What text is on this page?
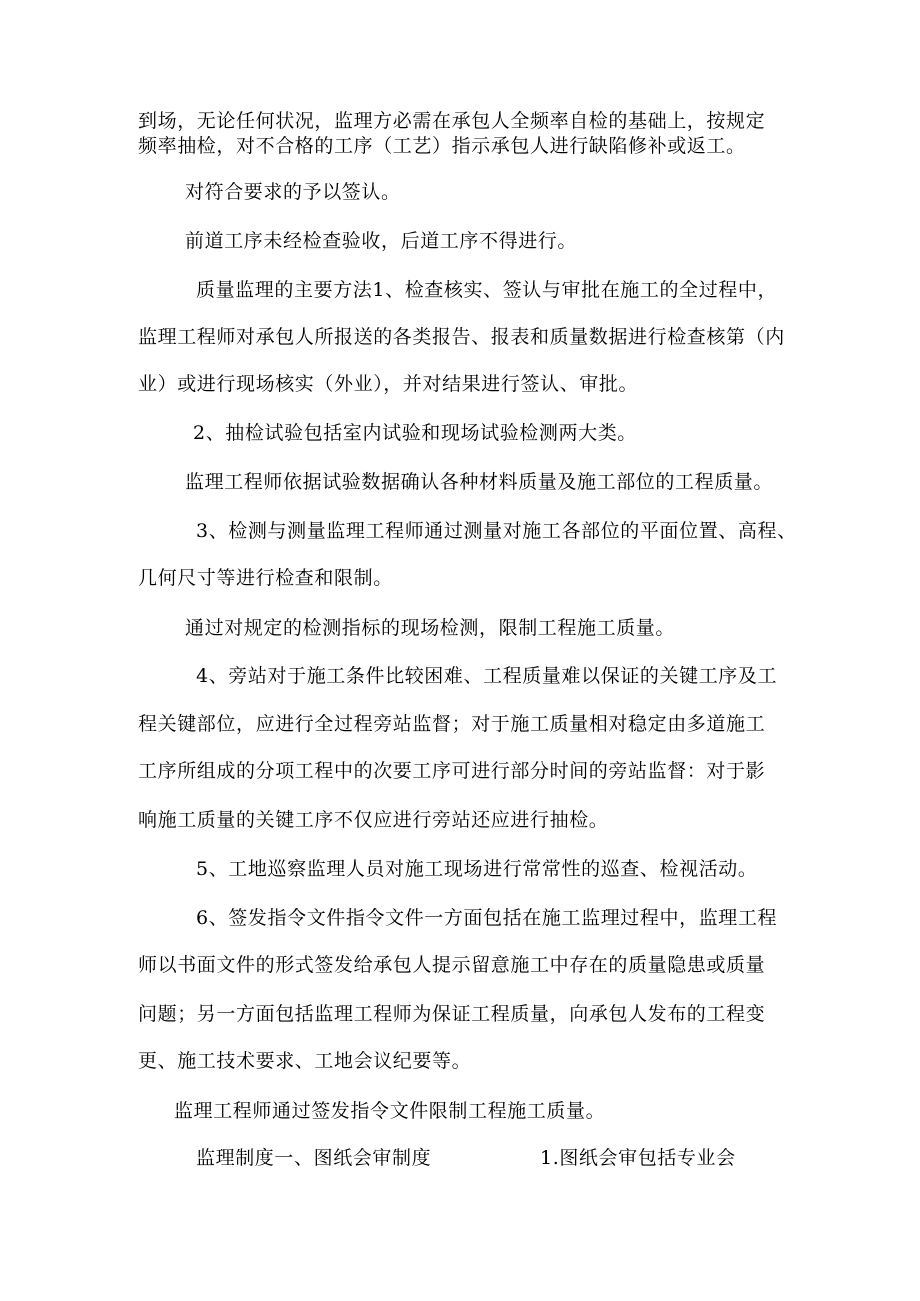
到场，无论任何状况，监理方必需在承包人全频率自检的基础上，按规定
频率抽检，对不合格的工序（工艺）指示承包人进行缺陷修补或返工。
对符合要求的予以签认。
前道工序未经检查验收，后道工序不得进行。
质量监理的主要方法1、检查核实、签认与审批在施工的全过程中，
监理工程师对承包人所报送的各类报告、报表和质量数据进行检查核第（内
业）或进行现场核实（外业），并对结果进行签认、审批。
2、抽检试验包括室内试验和现场试验检测两大类。
监理工程师依据试验数据确认各种材料质量及施工部位的工程质量。
3、检测与测量监理工程师通过测量对施工各部位的平面位置、高程、
几何尺寸等进行检查和限制。
通过对规定的检测指标的现场检测，限制工程施工质量。
4、旁站对于施工条件比较困难、工程质量难以保证的关键工序及工
程关键部位，应进行全过程旁站监督；对于施工质量相对稳定由多道施工
工序所组成的分项工程中的次要工序可进行部分时间的旁站监督：对于影
响施工质量的关键工序不仅应进行旁站还应进行抽检。
5、工地巡察监理人员对施工现场进行常常性的巡查、检视活动。
6、签发指令文件指令文件一方面包括在施工监理过程中，监理工程
师以书面文件的形式签发给承包人提示留意施工中存在的质量隐患或质量
问题；另一方面包括监理工程师为保证工程质量，向承包人发布的工程变
更、施工技术要求、工地会议纪要等。
监理工程师通过签发指令文件限制工程施工质量。
监理制度一、图纸会审制度	1.图纸会审包括专业会
